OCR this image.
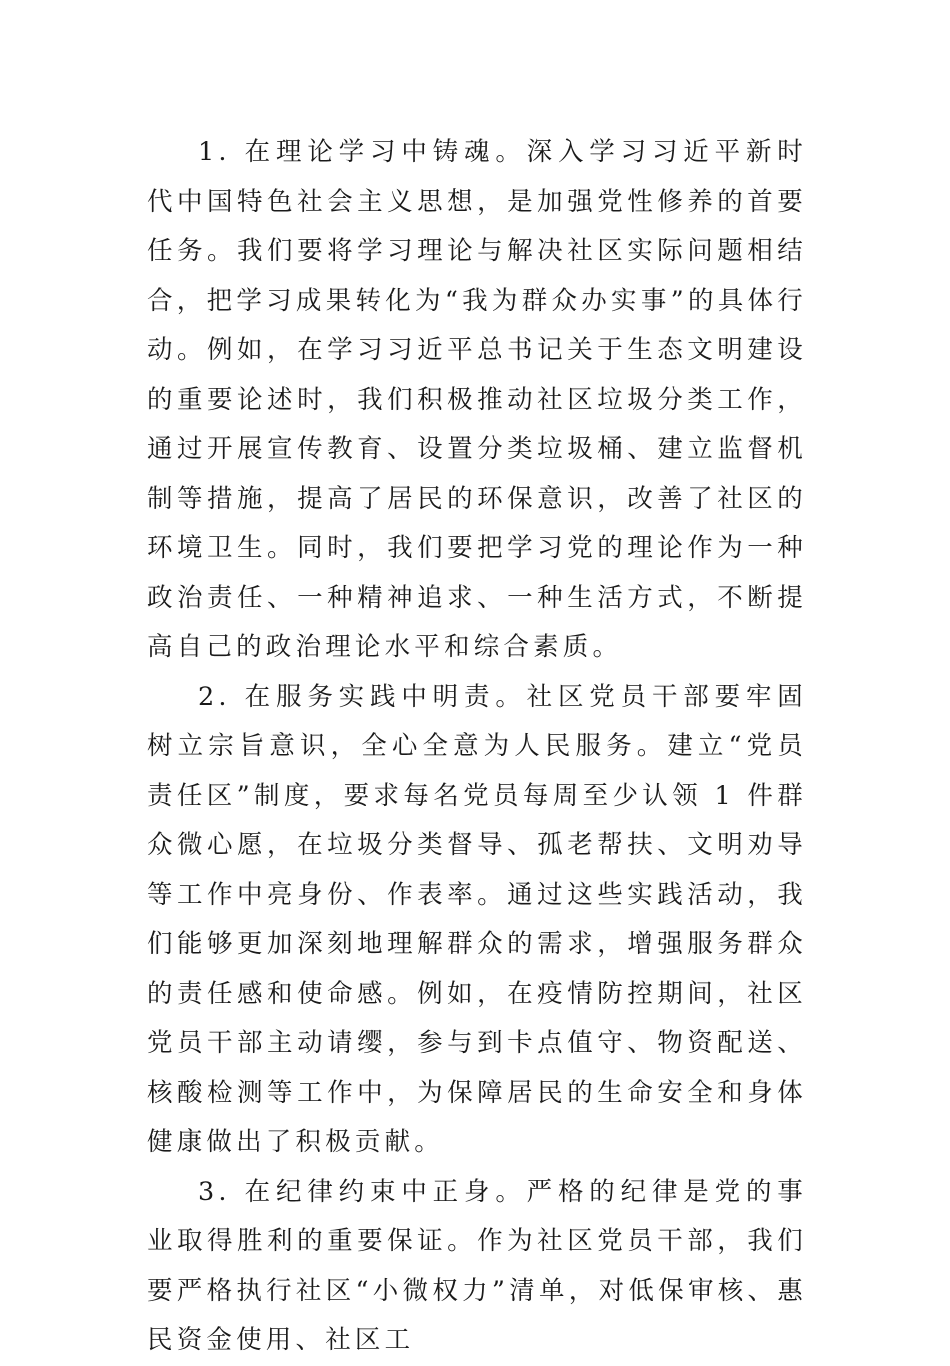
1. 在理论学习中铸魂。深入学习习近平新时代中国特色社会主义思想，是加强党性修养的首要任务。我们要将学习理论与解决社区实际问题相结合，把学习成果转化为“我为群众办实事”的具体行动。例如，在学习习近平总书记关于生态文明建设的重要论述时，我们积极推动社区垃圾分类工作，通过开展宣传教育、设置分类垃圾桶、建立监督机制等措施，提高了居民的环保意识，改善了社区的环境卫生。同时，我们要把学习党的理论作为一种政治责任、一种精神追求、一种生活方式，不断提高自己的政治理论水平和综合素质。

2. 在服务实践中明责。社区党员干部要牢固树立宗旨意识，全心全意为人民服务。建立“党员责任区”制度，要求每名党员每周至少认领 1 件群众微心愿，在垃圾分类督导、孤老帮扶、文明劝导等工作中亮身份、作表率。通过这些实践活动，我们能够更加深刻地理解群众的需求，增强服务群众的责任感和使命感。例如，在疫情防控期间，社区党员干部主动请缨，参与到卡点值守、物资配送、核酸检测等工作中，为保障居民的生命安全和身体健康做出了积极贡献。

3. 在纪律约束中正身。严格的纪律是党的事业取得胜利的重要保证。作为社区党员干部，我们要严格执行社区“小微权力”清单，对低保审核、惠民资金使用、社区工
